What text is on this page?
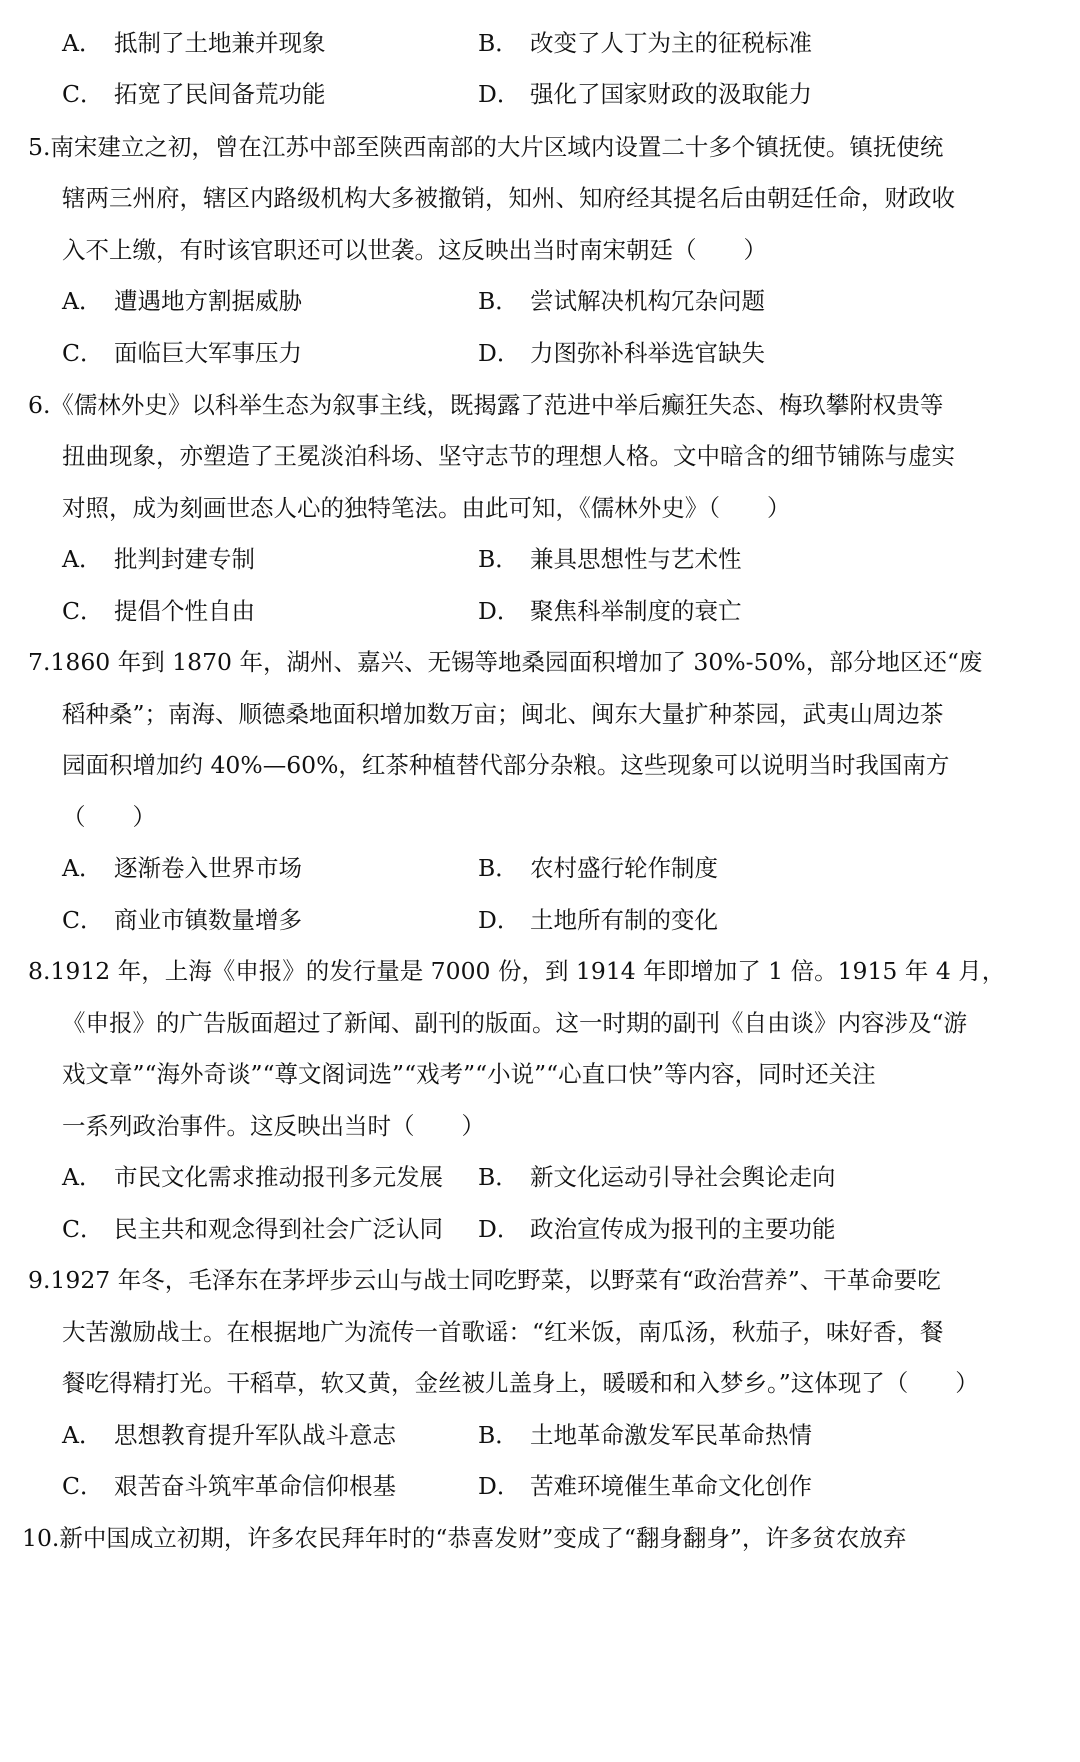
A． 抵制了土地兼并现象	B． 改变了人丁为主的征税标准
C． 拓宽了民间备荒功能	D． 强化了国家财政的汲取能力
5.南宋建立之初，曾在江苏中部至陕西南部的大片区域内设置二十多个镇抚使。镇抚使统
辖两三州府，辖区内路级机构大多被撤销，知州、知府经其提名后由朝廷任命，财政收
入不上缴，有时该官职还可以世袭。这反映出当时南宋朝廷（　　）
A． 遭遇地方割据威胁	B． 尝试解决机构冗杂问题
C． 面临巨大军事压力	D． 力图弥补科举选官缺失
6.《儒林外史》以科举生态为叙事主线，既揭露了范进中举后癫狂失态、梅玖攀附权贵等
扭曲现象，亦塑造了王冕淡泊科场、坚守志节的理想人格。文中暗含的细节铺陈与虚实
对照，成为刻画世态人心的独特笔法。由此可知，《儒林外史》（　　）
A． 批判封建专制	B． 兼具思想性与艺术性
C． 提倡个性自由	D． 聚焦科举制度的衰亡
7.1860 年到 1870 年，湖州、嘉兴、无锡等地桑园面积增加了 30%-50%，部分地区还“废
稻种桑”；南海、顺德桑地面积增加数万亩；闽北、闽东大量扩种茶园，武夷山周边茶
园面积增加约 40%—60%，红茶种植替代部分杂粮。这些现象可以说明当时我国南方
（　　）
A． 逐渐卷入世界市场	B． 农村盛行轮作制度
C． 商业市镇数量增多	D． 土地所有制的变化
8.1912 年，上海《申报》的发行量是 7000 份，到 1914 年即增加了 1 倍。1915 年 4 月，
《申报》的广告版面超过了新闻、副刊的版面。这一时期的副刊《自由谈》内容涉及“游
戏文章”“海外奇谈”“尊文阁词选”“戏考”“小说”“心直口快”等内容，同时还关注
一系列政治事件。这反映出当时（　　）
A． 市民文化需求推动报刊多元发展 B． 新文化运动引导社会舆论走向
C． 民主共和观念得到社会广泛认同 D． 政治宣传成为报刊的主要功能
9.1927 年冬，毛泽东在茅坪步云山与战士同吃野菜，以野菜有“政治营养”、干革命要吃
大苦激励战士。在根据地广为流传一首歌谣：“红米饭，南瓜汤，秋茄子，味好香，餐
餐吃得精打光。干稻草，软又黄，金丝被儿盖身上，暖暖和和入梦乡。”这体现了（　　）
A． 思想教育提升军队战斗意志	B． 土地革命激发军民革命热情
C． 艰苦奋斗筑牢革命信仰根基	D． 苦难环境催生革命文化创作
10.新中国成立初期，许多农民拜年时的“恭喜发财”变成了“翻身翻身”，许多贫农放弃
